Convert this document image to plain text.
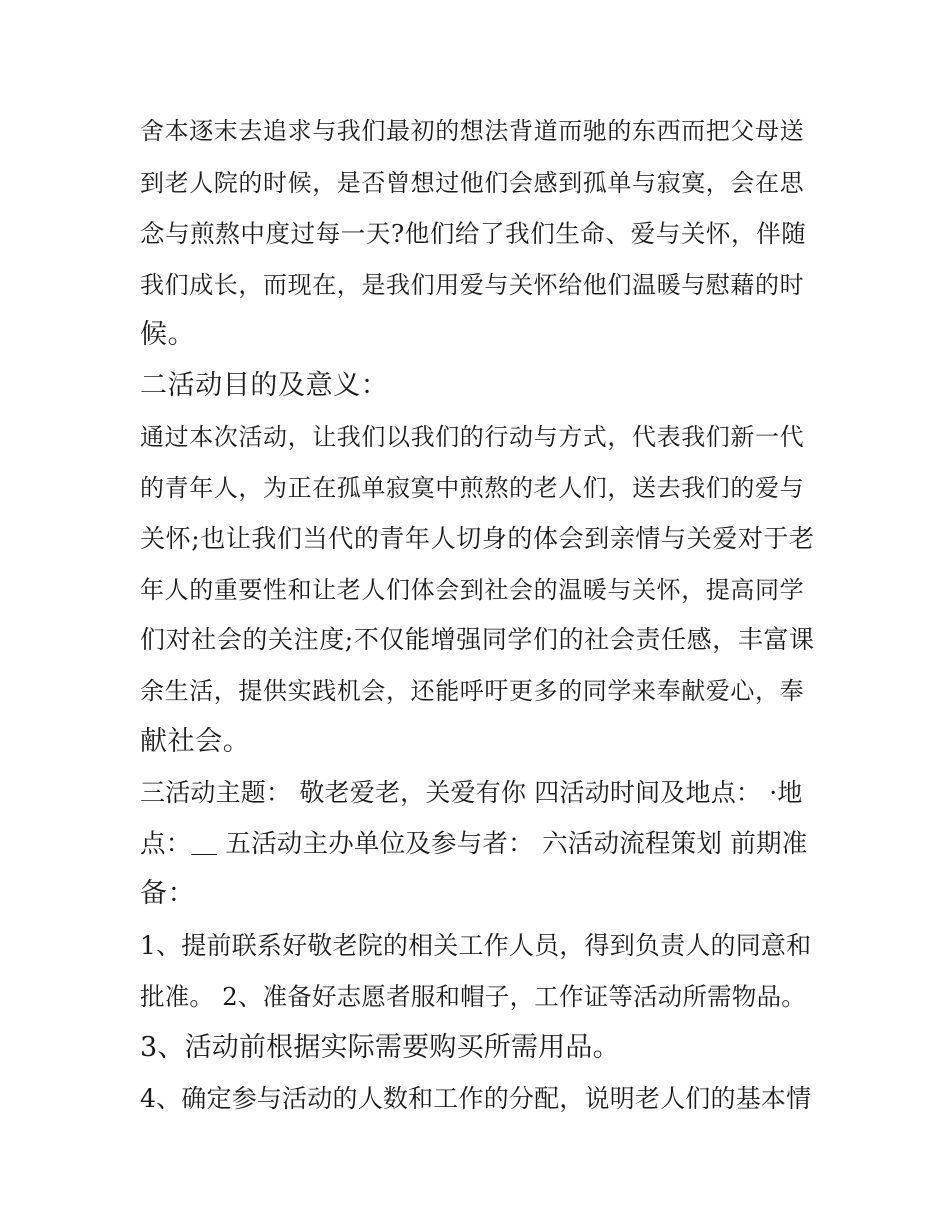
舍本逐末去追求与我们最初的想法背道而驰的东西而把父母送
到老人院的时候，是否曾想过他们会感到孤单与寂寞，会在思
念与煎熬中度过每一天?他们给了我们生命、爱与关怀，伴随
我们成长，而现在，是我们用爱与关怀给他们温暖与慰藉的时
候。
二活动目的及意义：
通过本次活动，让我们以我们的行动与方式，代表我们新一代
的青年人，为正在孤单寂寞中煎熬的老人们，送去我们的爱与
关怀;也让我们当代的青年人切身的体会到亲情与关爱对于老
年人的重要性和让老人们体会到社会的温暖与关怀，提高同学
们对社会的关注度;不仅能增强同学们的社会责任感，丰富课
余生活，提供实践机会，还能呼吁更多的同学来奉献爱心，奉
献社会。
三活动主题： 敬老爱老，关爱有你 四活动时间及地点： ·地
点：＿ 五活动主办单位及参与者： 六活动流程策划 前期准
备：
1、提前联系好敬老院的相关工作人员，得到负责人的同意和
批准。 2、准备好志愿者服和帽子，工作证等活动所需物品。
3、活动前根据实际需要购买所需用品。
4、确定参与活动的人数和工作的分配，说明老人们的基本情
